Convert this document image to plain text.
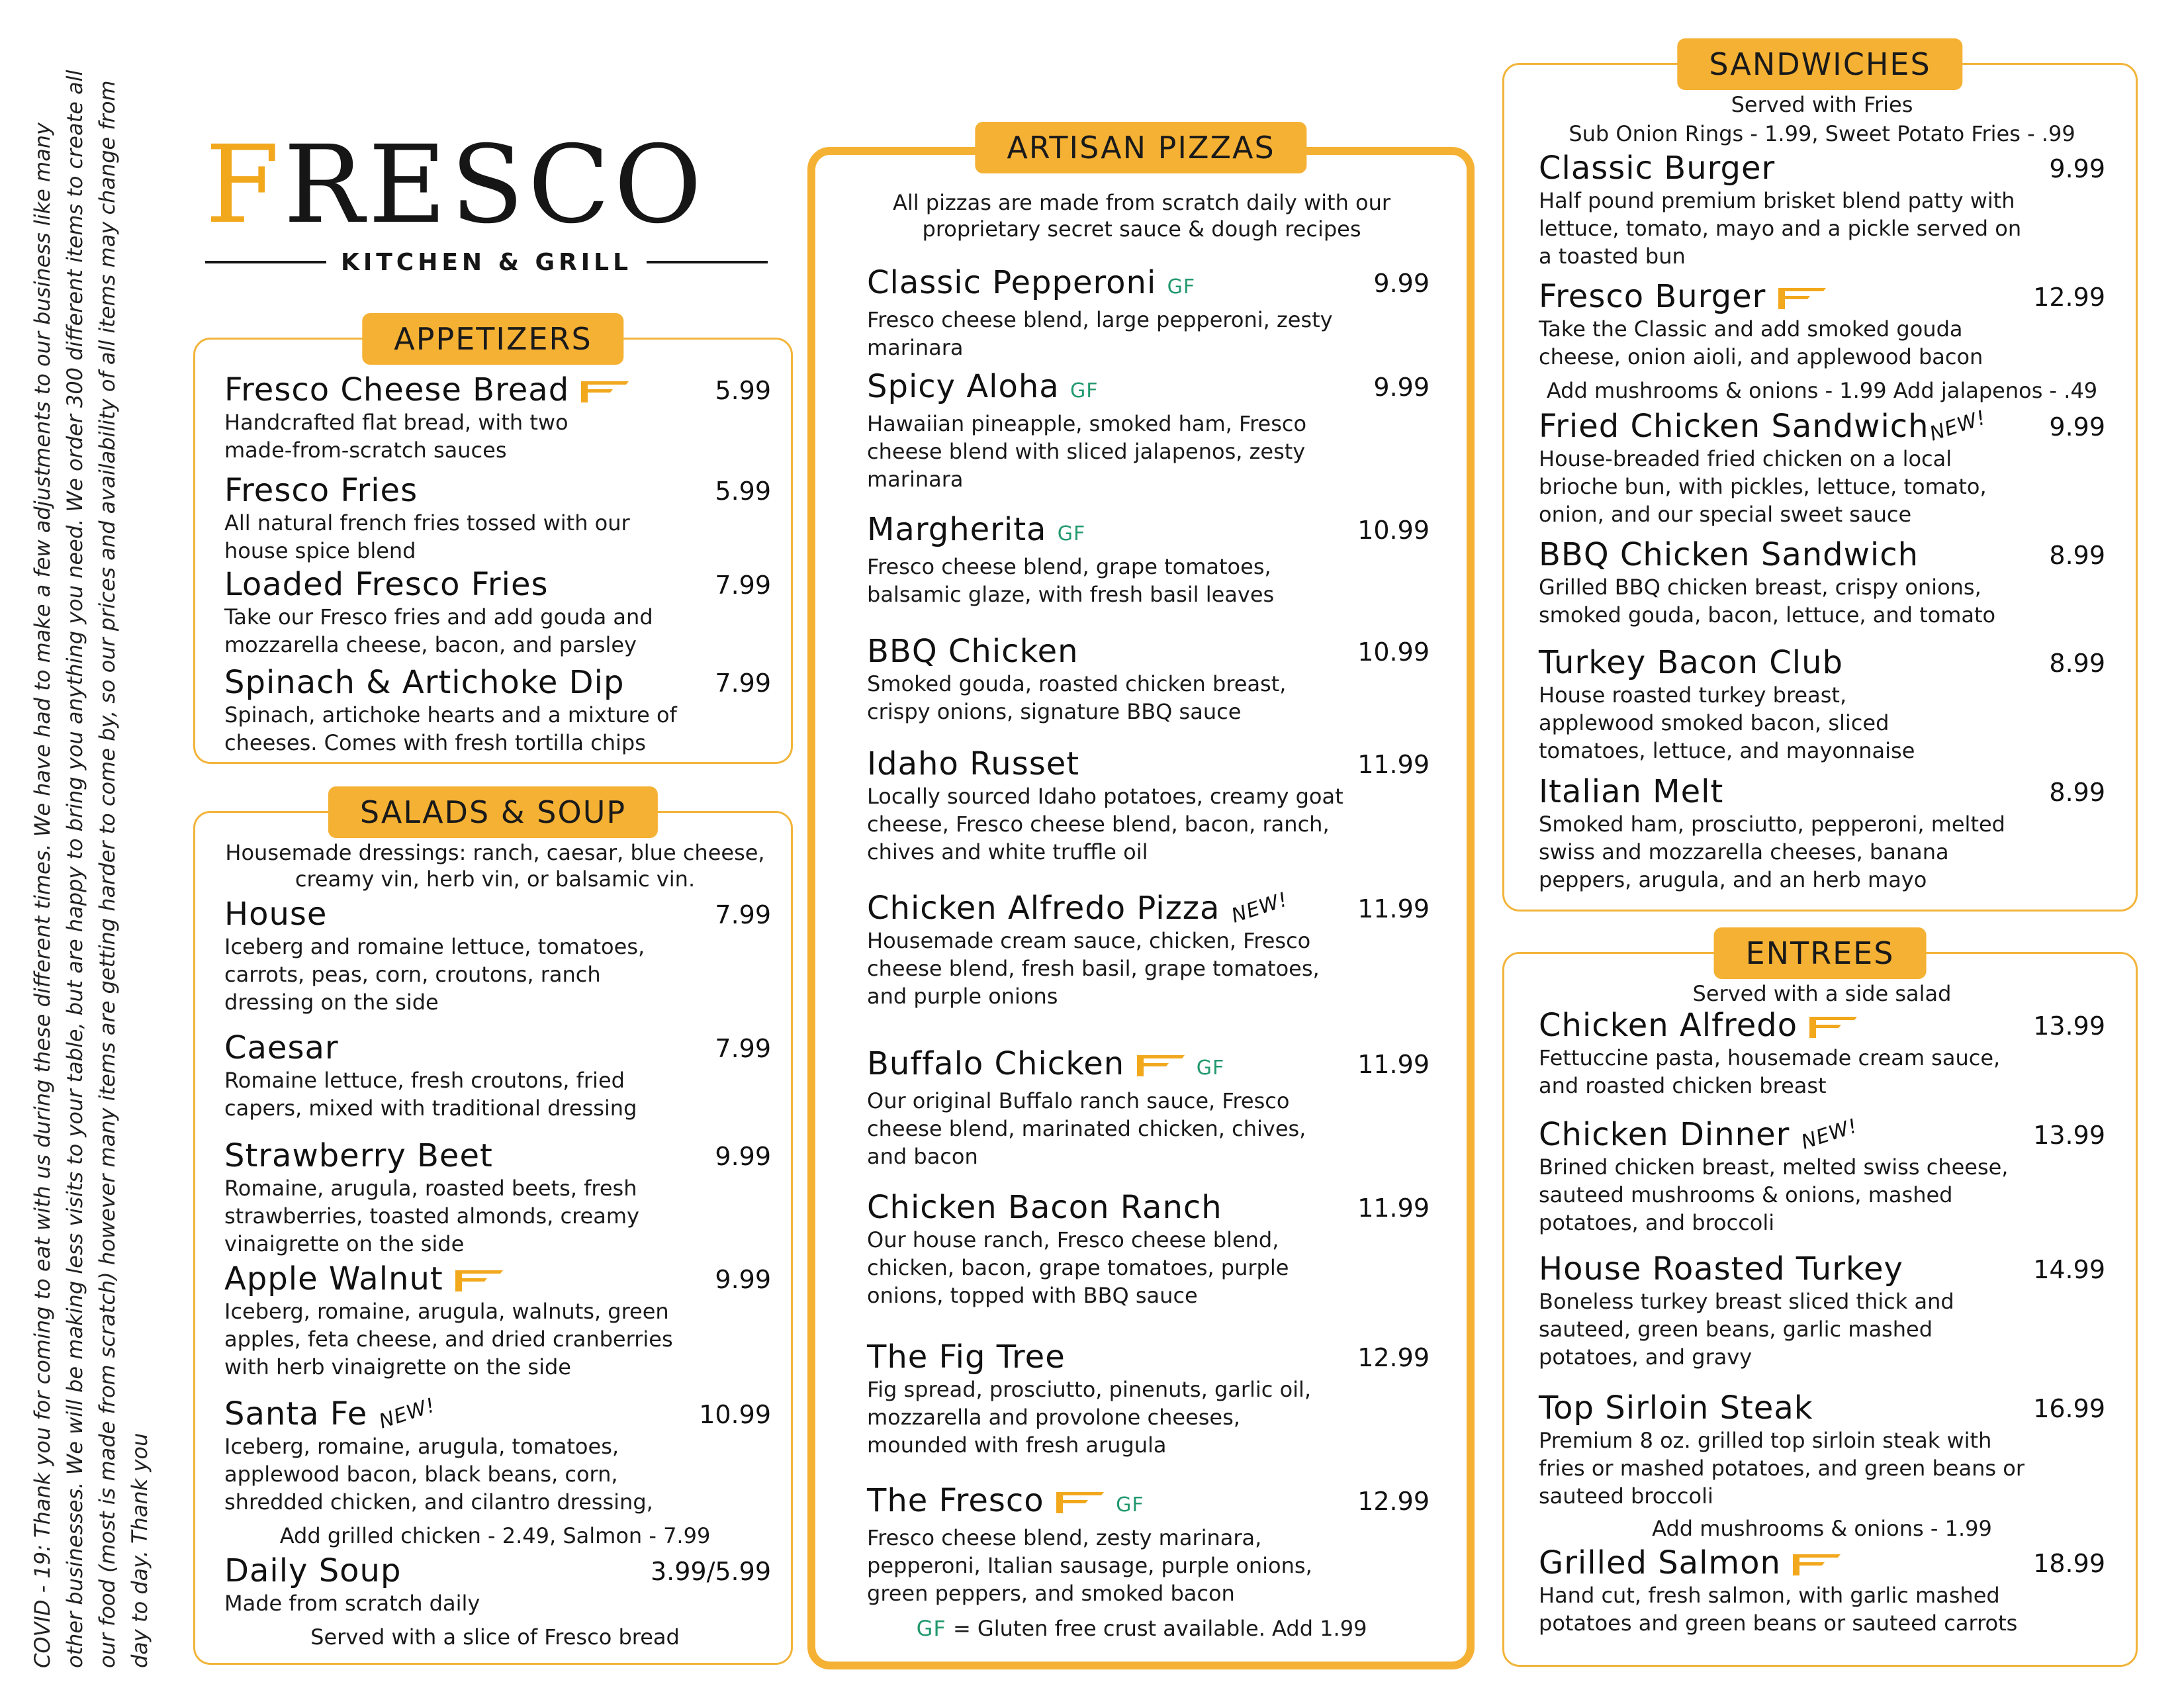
COVID - 19: Thank you for coming to eat with us during these different times. We have had to make a few adjustments to our business like many other businesses. We will be making less visits to your table, but are happy to bring you anything you need. We order 300 different items to create all our food (most is made from scratch) however many items are getting harder to come by, so our prices and availability of all items may change from day to day. Thank you
FRESCO
KITCHEN & GRILL
APPETIZERS
Fresco Cheese Bread
Handcrafted flat bread, with two made-from-scratch sauces
5.99
Fresco Fries
All natural french fries tossed with our house spice blend
5.99
Loaded Fresco Fries
Take our Fresco fries and add gouda and mozzarella cheese, bacon, and parsley
7.99
Spinach & Artichoke Dip
Spinach, artichoke hearts and a mixture of cheeses. Comes with fresh tortilla chips
7.99
SALADS & SOUP
Housemade dressings: ranch, caesar, blue cheese, creamy vin, herb vin, or balsamic vin.
House
Iceberg and romaine lettuce, tomatoes, carrots, peas, corn, croutons, ranch dressing on the side
7.99
Caesar
Romaine lettuce, fresh croutons, fried capers, mixed with traditional dressing
7.99
Strawberry Beet
Romaine, arugula, roasted beets, fresh strawberries, toasted almonds, creamy vinaigrette on the side
9.99
Apple Walnut
Iceberg, romaine, arugula, walnuts, green apples, feta cheese, and dried cranberries with herb vinaigrette on the side
9.99
Santa Fe NEW!
Iceberg, romaine, arugula, tomatoes, applewood bacon, black beans, corn, shredded chicken, and cilantro dressing,
10.99
Add grilled chicken - 2.49, Salmon - 7.99
Daily Soup
Made from scratch daily
3.99/5.99
Served with a slice of Fresco bread
ARTISAN PIZZAS
All pizzas are made from scratch daily with our proprietary secret sauce & dough recipes
Classic Pepperoni GF
Fresco cheese blend, large pepperoni, zesty marinara
9.99
Spicy Aloha GF
Hawaiian pineapple, smoked ham, Fresco cheese blend with sliced jalapenos, zesty marinara
9.99
Margherita GF
Fresco cheese blend, grape tomatoes, balsamic glaze, with fresh basil leaves
10.99
BBQ Chicken
Smoked gouda, roasted chicken breast, crispy onions, signature BBQ sauce
10.99
Idaho Russet
Locally sourced Idaho potatoes, creamy goat cheese, Fresco cheese blend, bacon, ranch, chives and white truffle oil
11.99
Chicken Alfredo Pizza NEW!
Housemade cream sauce, chicken, Fresco cheese blend, fresh basil, grape tomatoes, and purple onions
11.99
Buffalo Chicken	GF
Our original Buffalo ranch sauce, Fresco cheese blend, marinated chicken, chives, and bacon
11.99
Chicken Bacon Ranch
Our house ranch, Fresco cheese blend, chicken, bacon, grape tomatoes, purple onions, topped with BBQ sauce
11.99
The Fig Tree
Fig spread, prosciutto, pinenuts, garlic oil, mozzarella and provolone cheeses, mounded with fresh arugula
12.99
The Fresco	GF
Fresco cheese blend, zesty marinara, pepperoni, Italian sausage, purple onions, green peppers, and smoked bacon
12.99
GF = Gluten free crust available. Add 1.99
SANDWICHES
Served with Fries
Sub Onion Rings - 1.99, Sweet Potato Fries - .99
Classic Burger
Half pound premium brisket blend patty with lettuce, tomato, mayo and a pickle served on a toasted bun
9.99
Fresco Burger
Take the Classic and add smoked gouda cheese, onion aioli, and applewood bacon
12.99
Add mushrooms & onions - 1.99 Add jalapenos - .49
Fried Chicken SandwichNEW!
House-breaded fried chicken on a local brioche bun, with pickles, lettuce, tomato, onion, and our special sweet sauce
9.99
BBQ Chicken Sandwich
Grilled BBQ chicken breast, crispy onions, smoked gouda, bacon, lettuce, and tomato
8.99
Turkey Bacon Club
House roasted turkey breast, applewood smoked bacon, sliced tomatoes, lettuce, and mayonnaise
8.99
Italian Melt
Smoked ham, prosciutto, pepperoni, melted swiss and mozzarella cheeses, banana peppers, arugula, and an herb mayo
8.99
ENTREES
Served with a side salad
Chicken Alfredo
Fettuccine pasta, housemade cream sauce, and roasted chicken breast
13.99
Chicken Dinner NEW!
Brined chicken breast, melted swiss cheese, sauteed mushrooms & onions, mashed potatoes, and broccoli
13.99
House Roasted Turkey
Boneless turkey breast sliced thick and sauteed, green beans, garlic mashed potatoes, and gravy
14.99
Top Sirloin Steak
Premium 8 oz. grilled top sirloin steak with fries or mashed potatoes, and green beans or sauteed broccoli
16.99
Add mushrooms & onions - 1.99
Grilled Salmon
Hand cut, fresh salmon, with garlic mashed potatoes and green beans or sauteed carrots
18.99
